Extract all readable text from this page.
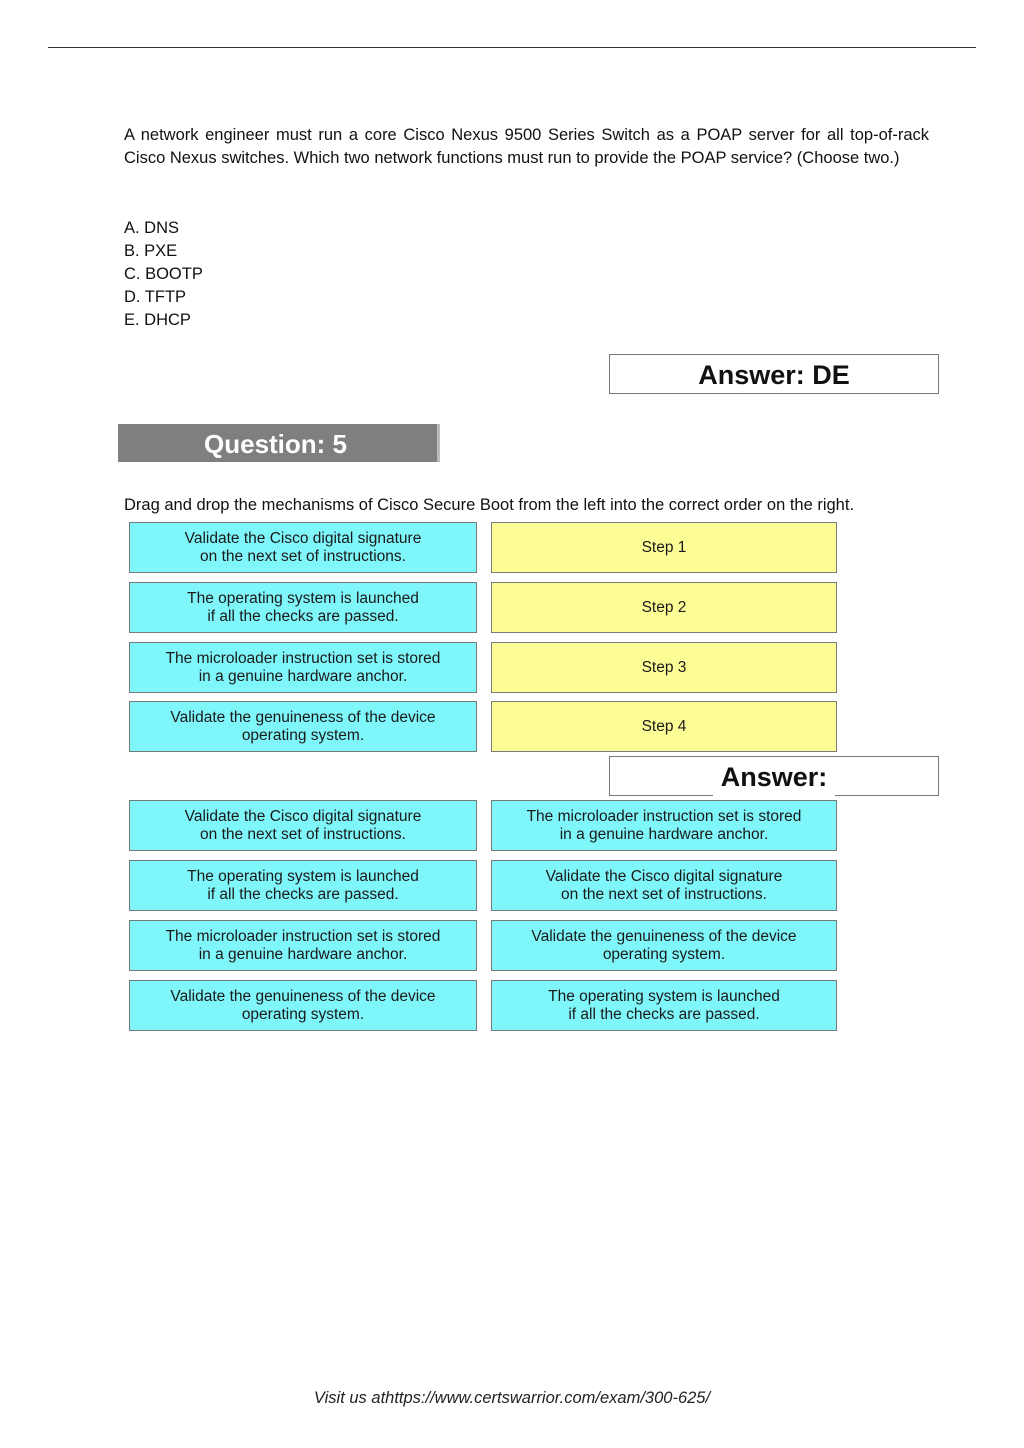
A network engineer must run a core Cisco Nexus 9500 Series Switch as a POAP server for all top-of-rack Cisco Nexus switches. Which two network functions must run to provide the POAP service? (Choose two.)
A. DNS
B. PXE
C. BOOTP
D. TFTP
E. DHCP
Answer: DE
Question: 5
Drag and drop the mechanisms of Cisco Secure Boot from the left into the correct order on the right.
Validate the Cisco digital signature
on the next set of instructions.
The operating system is launched
if all the checks are passed.
The microloader instruction set is stored
in a genuine hardware anchor.
Validate the genuineness of the device
operating system.
Step 1
Step 2
Step 3
Step 4
Answer:
Validate the Cisco digital signature
on the next set of instructions.
The operating system is launched
if all the checks are passed.
The microloader instruction set is stored
in a genuine hardware anchor.
Validate the genuineness of the device
operating system.
The microloader instruction set is stored
in a genuine hardware anchor.
Validate the Cisco digital signature
on the next set of instructions.
Validate the genuineness of the device
operating system.
The operating system is launched
if all the checks are passed.
Visit us athttps://www.certswarrior.com/exam/300-625/
